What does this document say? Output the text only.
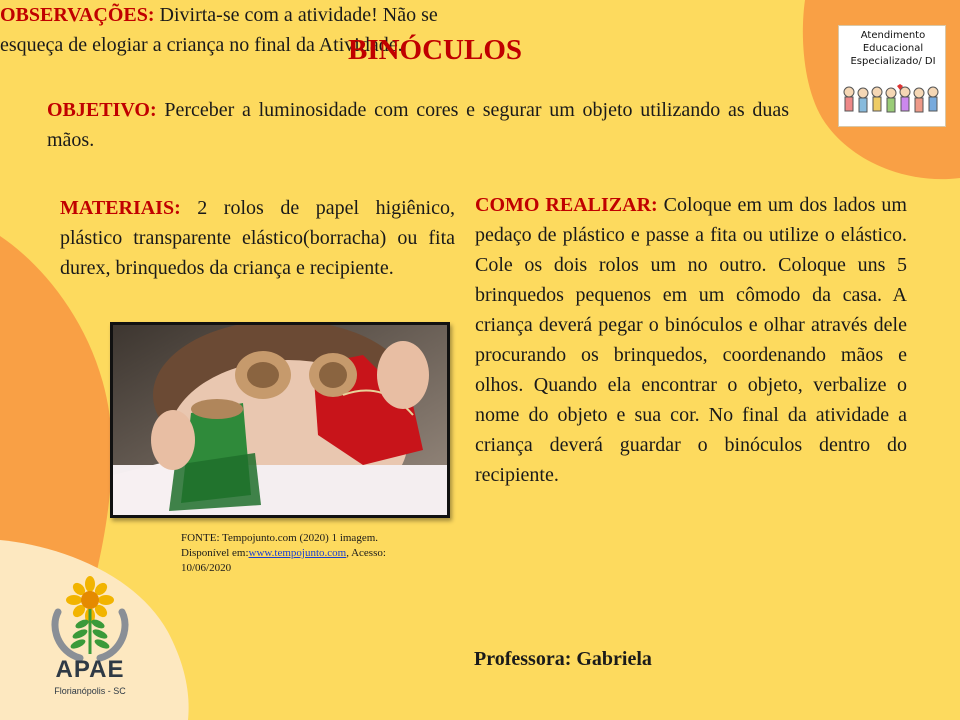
BINÓCULOS
OBJETIVO: Perceber a luminosidade com cores e segurar um objeto utilizando as duas mãos.
Atendimento
Educacional
Especializado/ DI
MATERIAIS: 2 rolos de papel higiênico, plástico transparente elástico(borracha) ou fita durex, brinquedos da criança e recipiente.
COMO REALIZAR: Coloque em um dos lados um pedaço de plástico e passe a fita ou utilize o elástico. Cole os dois rolos um no outro. Coloque uns 5 brinquedos pequenos em um cômodo da casa. A criança deverá pegar o binóculos e olhar através dele procurando os brinquedos, coordenando mãos e olhos. Quando ela encontrar o objeto, verbalize o nome do objeto e sua cor. No final da atividade a criança deverá guardar o binóculos dentro do recipiente.
FONTE: Tempojunto.com (2020) 1 imagem.
Disponível em:www.tempojunto.com, Acesso: 10/06/2020
OBSERVAÇÕES: Divirta-se com a atividade! Não se esqueça de elogiar a criança no final da Atividade.
Professora: Gabriela
APAE
Florianópolis - SC
